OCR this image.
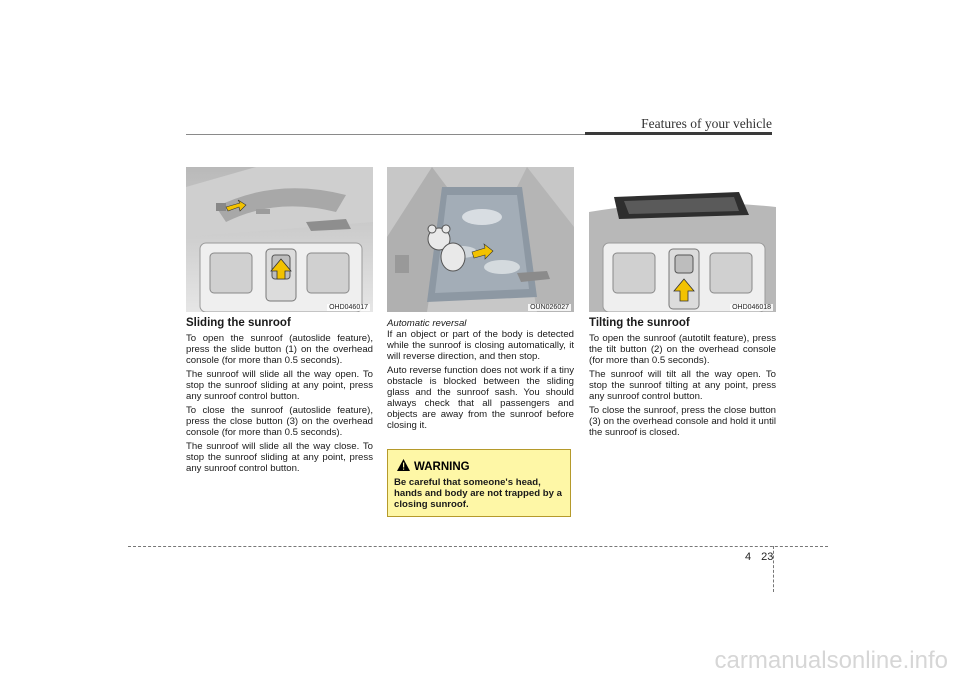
Features of your vehicle
OHD046017	OUN026027	OHD046018
Sliding the sunroof

To open the sunroof (autoslide feature), press the slide button (1) on the overhead console (for more than 0.5 seconds).

The sunroof will slide all the way open. To stop the sunroof sliding at any point, press any sunroof control button.

To close the sunroof (autoslide feature), press the close button (3) on the overhead console (for more than 0.5 seconds).

The sunroof will slide all the way close. To stop the sunroof sliding at any point, press any sunroof control button.

Automatic reversal

If an object or part of the body is detected while the sunroof is closing automatically, it will reverse direction, and then stop.

Auto reverse function does not work if a tiny obstacle is blocked between the sliding glass and the sunroof sash. You should always check that all passengers and objects are away from the sunroof before closing it.

Tilting the sunroof

To open the sunroof (autotilt feature), press the tilt button (2) on the overhead console (for more than 0.5 seconds).

The sunroof will tilt all the way open. To stop the sunroof tilting at any point, press any sunroof control button.

To close the sunroof, press the close button (3) on the overhead console and hold it until the sunroof is closed.

WARNING
Be careful that someone's head, hands and body are not trapped by a closing sunroof.
4 23
carmanualsonline.info
